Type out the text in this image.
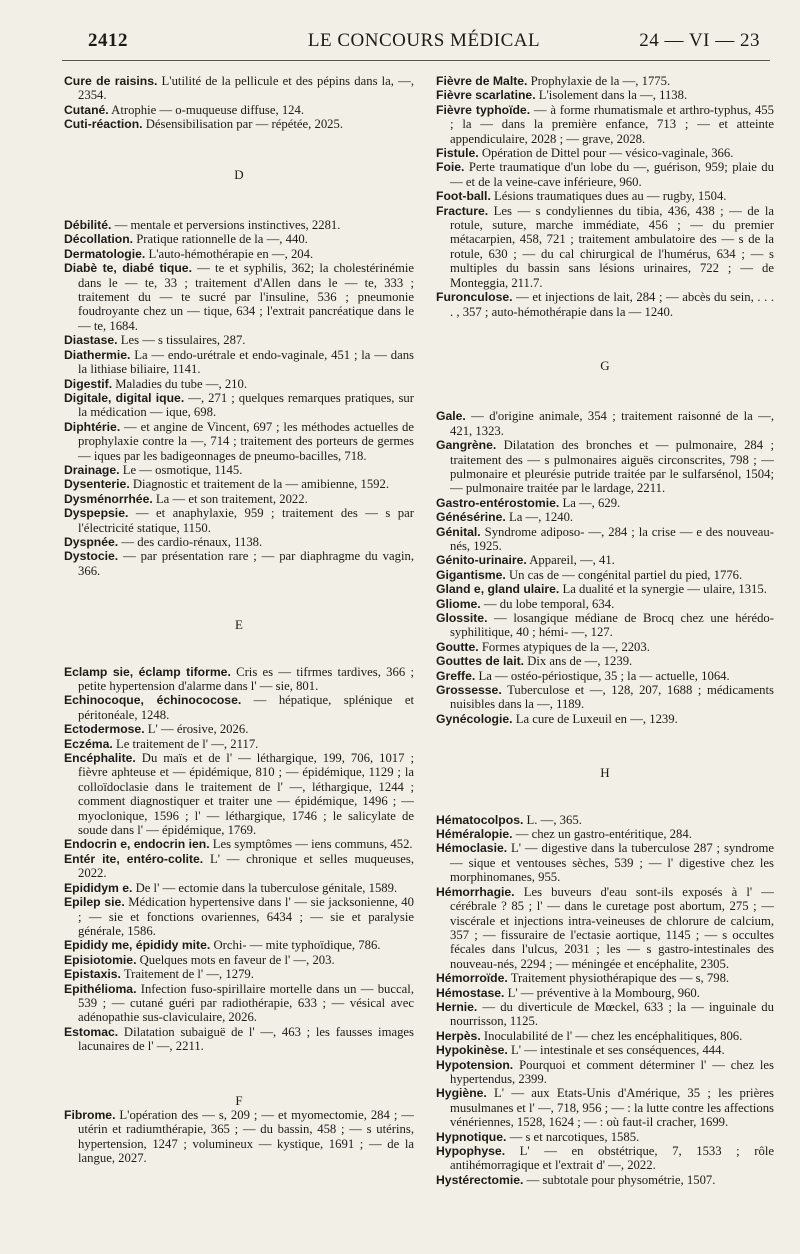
2412	LE CONCOURS MÉDICAL	24 — VI — 23

Cure de raisins. L'utilité de la pellicule et des pépins dans la, —, 2354.

Cutané. Atrophie — o-muqueuse diffuse, 124.

Cuti-réaction. Désensibilisation par — répétée, 2025.

D

Débilité. — mentale et perversions instinctives, 2281.

Décollation. Pratique rationnelle de la —, 440.

Dermatologie. L'auto-hémothérapie en —, 204.

Diabè te, diabé tique. — te et syphilis, 362; la cholestérinémie dans le — te, 33 ; traitement d'Allen dans le — te, 333 ; traitement du — te sucré par l'insuline, 536 ; pneumonie foudroyante chez un — tique, 634 ; l'extrait pancréatique dans le — te, 1684.

Diastase. Les — s tissulaires, 287.

Diathermie. La — endo-urétrale et endo-vaginale, 451 ; la — dans la lithiase biliaire, 1141.

Digestif. Maladies du tube —, 210.

Digitale, digital ique. —, 271 ; quelques remarques pratiques, sur la médication — ique, 698.

Diphtérie. — et angine de Vincent, 697 ; les méthodes actuelles de prophylaxie contre la —, 714 ; traitement des porteurs de germes — iques par les badigeonnages de pneumo-bacilles, 718.

Drainage. Le — osmotique, 1145.

Dysenterie. Diagnostic et traitement de la — amibienne, 1592.

Dysménorrhée. La — et son traitement, 2022.

Dyspepsie. — et anaphylaxie, 959 ; traitement des — s par l'électricité statique, 1150.

Dyspnée. — des cardio-rénaux, 1138.

Dystocie. — par présentation rare ; — par diaphragme du vagin, 366.

E

Eclamp sie, éclamp tiforme. Cris es — tifrmes tardives, 366 ; petite hypertension d'alarme dans l' — sie, 801.

Echinocoque, échinococose. — hépatique, splénique et péritonéale, 1248.

Ectodermose. L' — érosive, 2026.

Eczéma. Le traitement de l' —, 2117.

Encéphalite. Du maïs et de l' — léthargique, 199, 706, 1017 ; fièvre aphteuse et — épidémique, 810 ; — épidémique, 1129 ; la colloïdoclasie dans le traitement de l' —, léthargique, 1244 ; comment diagnostiquer et traiter une — épidémique, 1496 ; — myoclonique, 1596 ; l' — léthargique, 1746 ; le salicylate de soude dans l' — épidémique, 1769.

Endocrin e, endocrin ien. Les symptômes — iens communs, 452.

Entér ite, entéro-colite. L' — chronique et selles muqueuses, 2022.

Epididym e. De l' — ectomie dans la tuberculose génitale, 1589.

Epilep sie. Médication hypertensive dans l' — sie jacksonienne, 40 ; — sie et fonctions ovariennes, 6434 ; — sie et paralysie générale, 1586.

Epididy me, épididy mite. Orchi- — mite typhoïdique, 786.

Episiotomie. Quelques mots en faveur de l' —, 203.

Epistaxis. Traitement de l' —, 1279.

Epithélioma. Infection fuso-spirillaire mortelle dans un — buccal, 539 ; — cutané guéri par radiothérapie, 633 ; — vésical avec adénopathie sus-claviculaire, 2026.

Estomac. Dilatation subaiguë de l' —, 463 ; les fausses images lacunaires de l' —, 2211.

F

Fibrome. L'opération des — s, 209 ; — et myomectomie, 284 ; — utérin et radiumthérapie, 365 ; — du bassin, 458 ; — s utérins, hypertension, 1247 ; volumineux — kystique, 1691 ; — de la langue, 2027.

Fièvre de Malte. Prophylaxie de la —, 1775.

Fièvre scarlatine. L'isolement dans la —, 1138.

Fièvre typhoïde. — à forme rhumatismale et arthro-typhus, 455 ; la — dans la première enfance, 713 ; — et atteinte appendiculaire, 2028 ; — grave, 2028.

Fistule. Opération de Dittel pour — vésico-vaginale, 366.

Foie. Perte traumatique d'un lobe du —, guérison, 959; plaie du — et de la veine-cave inférieure, 960.

Foot-ball. Lésions traumatiques dues au — rugby, 1504.

Fracture. Les — s condyliennes du tibia, 436, 438 ; — de la rotule, suture, marche immédiate, 456 ; — du premier métacarpien, 458, 721 ; traitement ambulatoire des — s de la rotule, 630 ; — du cal chirurgical de l'humérus, 634 ; — s multiples du bassin sans lésions urinaires, 722 ; — de Monteggia, 211.7.

Furonculose. — et injections de lait, 284 ; — abcès du sein, . . . . , 357 ; auto-hémothérapie dans la — 1240.

G

Gale. — d'origine animale, 354 ; traitement raisonné de la —, 421, 1323.

Gangrène. Dilatation des bronches et — pulmonaire, 284 ; traitement des — s pulmonaires aiguës circonscrites, 798 ; — pulmonaire et pleurésie putride traitée par le sulfarsénol, 1504; — pulmonaire traitée par le lardage, 2211.

Gastro-entérostomie. La —, 629.

Génésérine. La —, 1240.

Génital. Syndrome adiposo- —, 284 ; la crise — e des nouveau-nés, 1925.

Génito-urinaire. Appareil, —, 41.

Gigantisme. Un cas de — congénital partiel du pied, 1776.

Gland e, gland ulaire. La dualité et la synergie — ulaire, 1315.

Gliome. — du lobe temporal, 634.

Glossite. — losangique médiane de Brocq chez une hérédo-syphilitique, 40 ; hémi- —, 127.

Goutte. Formes atypiques de la —, 2203.

Gouttes de lait. Dix ans de —, 1239.

Greffe. La — ostéo-périostique, 35 ; la — actuelle, 1064.

Grossesse. Tuberculose et —, 128, 207, 1688 ; médicaments nuisibles dans la —, 1189.

Gynécologie. La cure de Luxeuil en —, 1239.

H

Hématocolpos. L. —, 365.

Héméralopie. — chez un gastro-entéritique, 284.

Hémoclasie. L' — digestive dans la tuberculose 287 ; syndrome — sique et ventouses sèches, 539 ; — l' digestive chez les morphinomanes, 955.

Hémorrhagie. Les buveurs d'eau sont-ils exposés à l' — cérébrale ? 85 ; l' — dans le curetage post abortum, 275 ; — viscérale et injections intra-veineuses de chlorure de calcium, 357 ; — fissuraire de l'ectasie aortique, 1145 ; — s occultes fécales dans l'ulcus, 2031 ; les — s gastro-intestinales des nouveau-nés, 2294 ; — méningée et encéphalite, 2305.

Hémorroïde. Traitement physiothérapique des — s, 798.

Hémostase. L' — préventive à la Mombourg, 960.

Hernie. — du diverticule de Mœckel, 633 ; la — inguinale du nourrisson, 1125.

Herpès. Inoculabilité de l' — chez les encéphalitiques, 806.

Hypokinèse. L' — intestinale et ses conséquences, 444.

Hypotension. Pourquoi et comment déterminer l' — chez les hypertendus, 2399.

Hygiène. L' — aux Etats-Unis d'Amérique, 35 ; les prières musulmanes et l' —, 718, 956 ; — : la lutte contre les affections vénériennes, 1528, 1624 ; — : où faut-il cracher, 1699.

Hypnotique. — s et narcotiques, 1585.

Hypophyse. L' — en obstétrique, 7, 1533 ; rôle antihémorragique et l'extrait d' —, 2022.

Hystérectomie. — subtotale pour physométrie, 1507.
